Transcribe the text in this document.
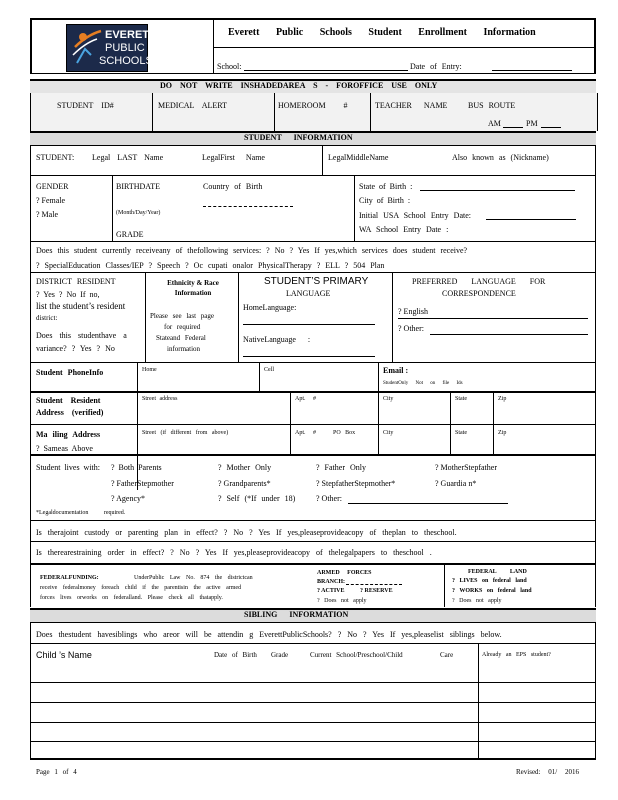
EVERETT
PUBLIC
SCHOOLS
Everett Public Schools Student Enrollment Information
School:	Date of Entry:
DO NOT WRITE INSHADEDAREA S - FOROFFICE USE ONLY
STUDENT ID#	MEDICAL ALERT	HOMEROOM #	TEACHER NAME	BUS ROUTE
AM	PM
STUDENT INFORMATION
STUDENT: Legal LAST Name	LegalFirst Name	LegalMiddleName	Also known as (Nickname)
GENDER
? Female
? Male
BIRTHDATE
(Month/Day/Year)
Country of Birth
GRADE
State of Birth :
City of Birth :
Initial USA School Entry Date:
WA School Entry Date :
Does this student currently receiveany of thefollowing services: ? No ? Yes If yes,which services does student receive?
? SpecialEducation Classes/IEP ? Speech ? Oc cupati onalor PhysicalTherapy ? ELL ? 504 Plan
DISTRICT RESIDENT
? Yes ? No If no,
list the student’s resident
district:
Does this studenthave a
variance? ? Yes ? No
Ethnicity & Race Information
Please see last page
for required
Stateand Federal
information
STUDENT’S PRIMARY
LANGUAGE
HomeLanguage:
NativeLanguage :
PREFERRED LANGUAGE FOR
CORRESPONDENCE
? English
? Other:
Student PhoneInfo	Home	Cell	Email :
StudentOnly Not on file Ids
Student Resident Address (verified)
Street address	Apt. #	City	State	Zip
Ma iling Address
? Sameas Above
Street (if different from above)	Apt. #	PO Box	City	State	Zip
Student lives with: ? Both Parents	? Mother Only	? Father Only	? MotherStepfather
? FatherStepmother	? Grandparents*	? StepfatherStepmother*	? Guardia n*
? Agency*	? Self (*If under 18)	? Other:
*Legaldocumentation required.
Is therajoint custody or parenting plan in effect? ? No ? Yes If yes,pleaseprovideacopy of theplan to theschool.
Is therearestraining order in effect? ? No ? Yes If yes,pleaseprovideacopy of thelegalpapers to theschool .
FEDERALFUNDING:	UnderPublic Law No. 874 the districtcan
receive federalmoney foreach child if the parentisin the active armed
forces lives orworks on federalland. Please check all thatapply.
ARMED FORCES BRANCH:
? ACTIVE	? RESERVE
? Does not apply
FEDERAL LAND
? LIVES on federal land
? WORKS on federal land
? Does not apply
SIBLING INFORMATION
Does thestudent havesiblings who areor will be attendin g EverettPublicSchools? ? No ? Yes If yes,pleaselist siblings below.
Child ’s Name	Date of Birth Grade	Current School/Preschool/Child	Care	Already an EPS student?
Page 1 of 4	Revised: 01/ 2016
